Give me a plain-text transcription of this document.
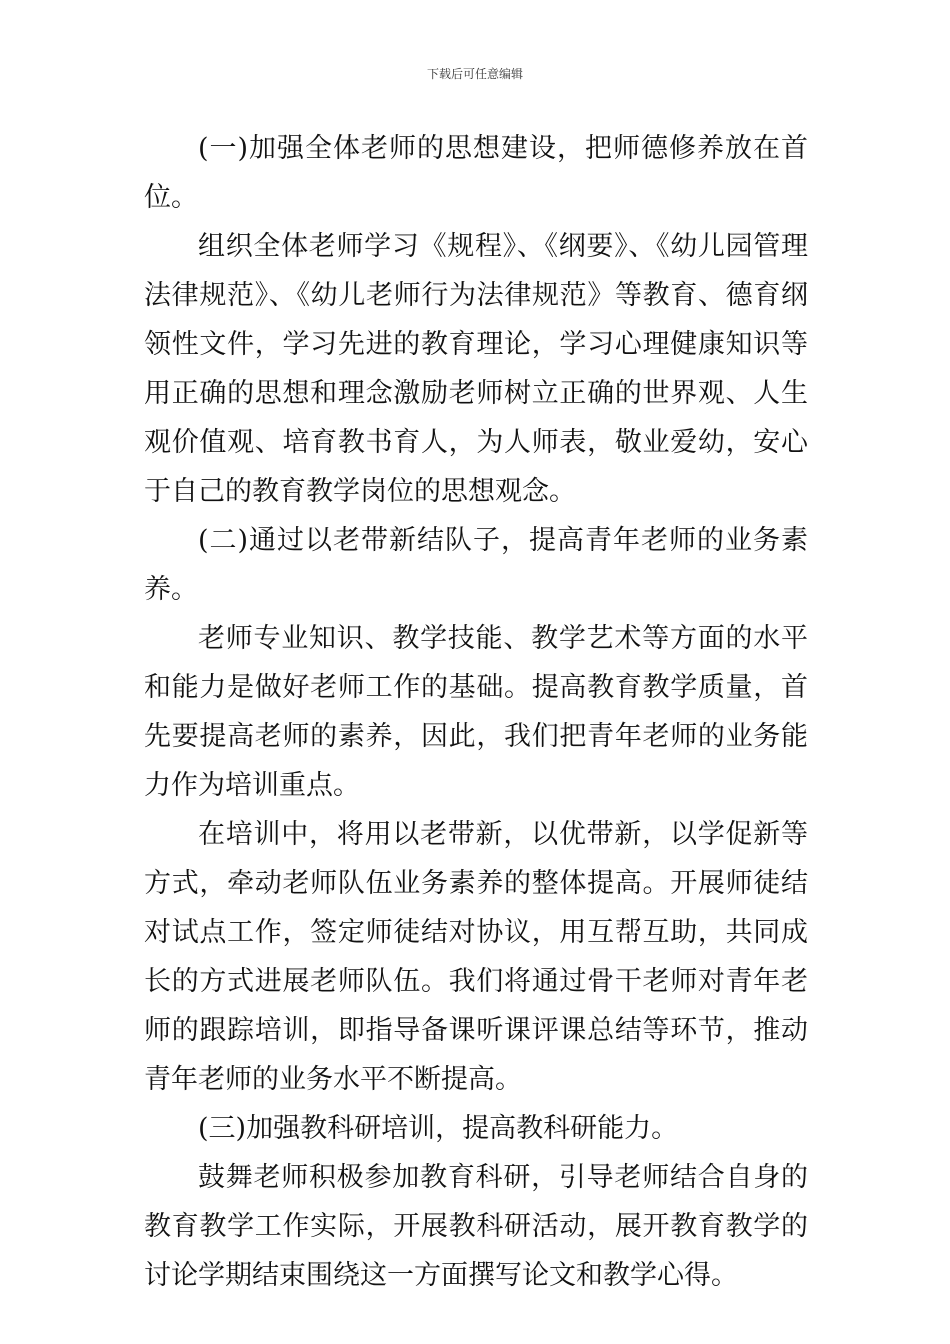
下载后可任意编辑

(一)加强全体老师的思想建设，把师德修养放在首位。

组织全体老师学习《规程》、《纲要》、《幼儿园管理法律规范》、《幼儿老师行为法律规范》等教育、德育纲领性文件，学习先进的教育理论，学习心理健康知识等用正确的思想和理念激励老师树立正确的世界观、人生观价值观、培育教书育人，为人师表，敬业爱幼，安心于自己的教育教学岗位的思想观念。

(二)通过以老带新结队子，提高青年老师的业务素养。

老师专业知识、教学技能、教学艺术等方面的水平和能力是做好老师工作的基础。提高教育教学质量，首先要提高老师的素养，因此，我们把青年老师的业务能力作为培训重点。

在培训中，将用以老带新，以优带新，以学促新等方式，牵动老师队伍业务素养的整体提高。开展师徒结对试点工作，签定师徒结对协议，用互帮互助，共同成长的方式进展老师队伍。我们将通过骨干老师对青年老师的跟踪培训，即指导备课听课评课总结等环节，推动青年老师的业务水平不断提高。

(三)加强教科研培训，提高教科研能力。

鼓舞老师积极参加教育科研，引导老师结合自身的教育教学工作实际，开展教科研活动，展开教育教学的讨论学期结束围绕这一方面撰写论文和教学心得。
